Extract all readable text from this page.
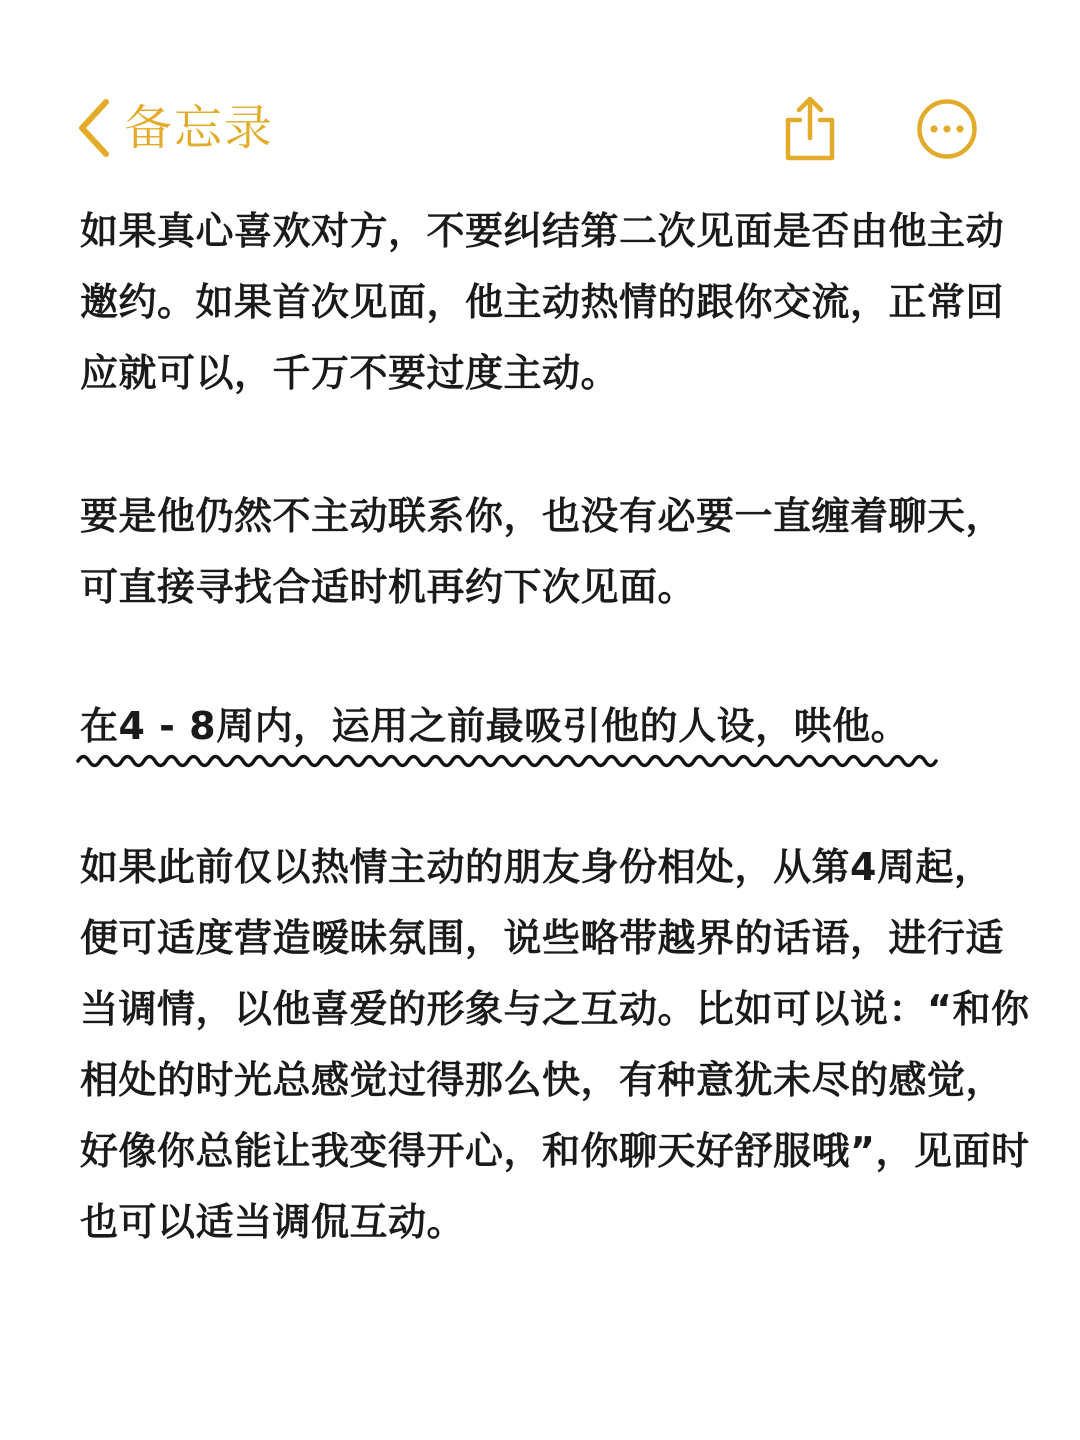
备忘录

如果真心喜欢对方，不要纠结第二次见面是否由他主动邀约。如果首次见面，他主动热情的跟你交流，正常回应就可以，千万不要过度主动。

要是他仍然不主动联系你，也没有必要一直缠着聊天，可直接寻找合适时机再约下次见面。

在4 - 8周内，运用之前最吸引他的人设，哄他。

如果此前仅以热情主动的朋友身份相处，从第4周起，便可适度营造暧昧氛围，说些略带越界的话语，进行适当调情，以他喜爱的形象与之互动。比如可以说：“和你相处的时光总感觉过得那么快，有种意犹未尽的感觉，好像你总能让我变得开心，和你聊天好舒服哦”，见面时也可以适当调侃互动。
